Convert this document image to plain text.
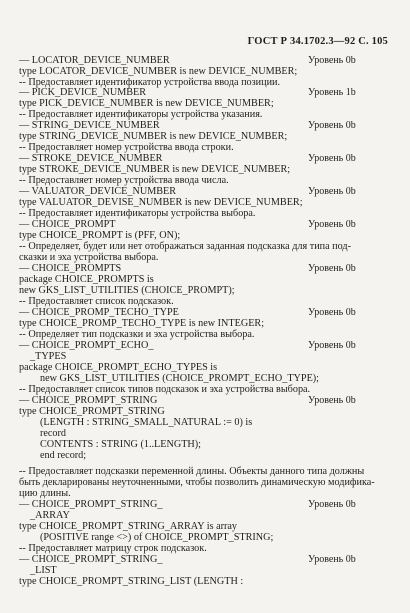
ГОСТ Р 34.1702.3—92 С. 105
— LOCATOR_DEVICE_NUMBER
type LOCATOR_DEVICE_NUMBER is new DEVICE_NUMBER;
-- Предоставляет идентификатор устройства ввода позиции.
— PICK_DEVICE_NUMBER
type PICK_DEVICE_NUMBER is new DEVICE_NUMBER;
-- Предоставляет идентификаторы устройства указания.
— STRING_DEVICE_NUMBER
type STRING_DEVICE_NUMBER is new DEVICE_NUMBER;
-- Предоставляет номер устройства ввода строки.
— STROKE_DEVICE_NUMBER
type STROKE_DEVICE_NUMBER is new DEVICE_NUMBER;
-- Предоставляет номер устройства ввода числа.
— VALUATOR_DEVICE_NUMBER
type VALUATOR_DEVISE_NUMBER is new DEVICE_NUMBER;
-- Предоставляет идентификаторы устройства выбора.
— CHOICE_PROMPT
type CHOICE_PROMPT is (PFF, ON);
-- Определяет, будет или нет отображаться заданная подсказка для типа под-
сказки и эха устройства выбора.
— CHOICE_PROMPTS
package CHOICE_PROMPTS is
new GKS_LIST_UTILITIES (CHOICE_PROMPT);
-- Предоставляет список подсказок.
— CHOICE_PROMP_TECHO_TYPE
type CHOICE_PROMP_TECHO_TYPE is new INTEGER;
-- Определяет тип подсказки и эха устройства выбора.
— CHOICE_PROMPT_ECHO_
_TYPES
package CHOICE_PROMPT_ECHO_TYPES is
new GKS_LIST_UTILITIES (CHOICE_PROMPT_ECHO_TYPE);
-- Предоставляет список типов подсказок и эха устройства выбора.
— CHOICE_PROMPT_STRING
type CHOICE_PROMPT_STRING
(LENGTH : STRING_SMALL_NATURAL := 0) is
record
CONTENTS : STRING (1..LENGTH);
end record;
-- Предоставляет подсказки переменной длины. Объекты данного типа должны
быть декларированы неуточненными, чтобы позволить динамическую модифика-
цию длины.
— CHOICE_PROMPT_STRING_
_ARRAY
type CHOICE_PROMPT_STRING_ARRAY is array
(POSITIVE range <>) of CHOICE_PROMPT_STRING;
-- Предоставляет матрицу строк подсказок.
— CHOICE_PROMPT_STRING_
_LIST
type CHOICE_PROMPT_STRING_LIST (LENGTH :
Уровень 0b
Уровень 1b
Уровень 0b
Уровень 0b
Уровень 0b
Уровень 0b
Уровень 0b
Уровень 0b
Уровень 0b
Уровень 0b
Уровень 0b
Уровень 0b
